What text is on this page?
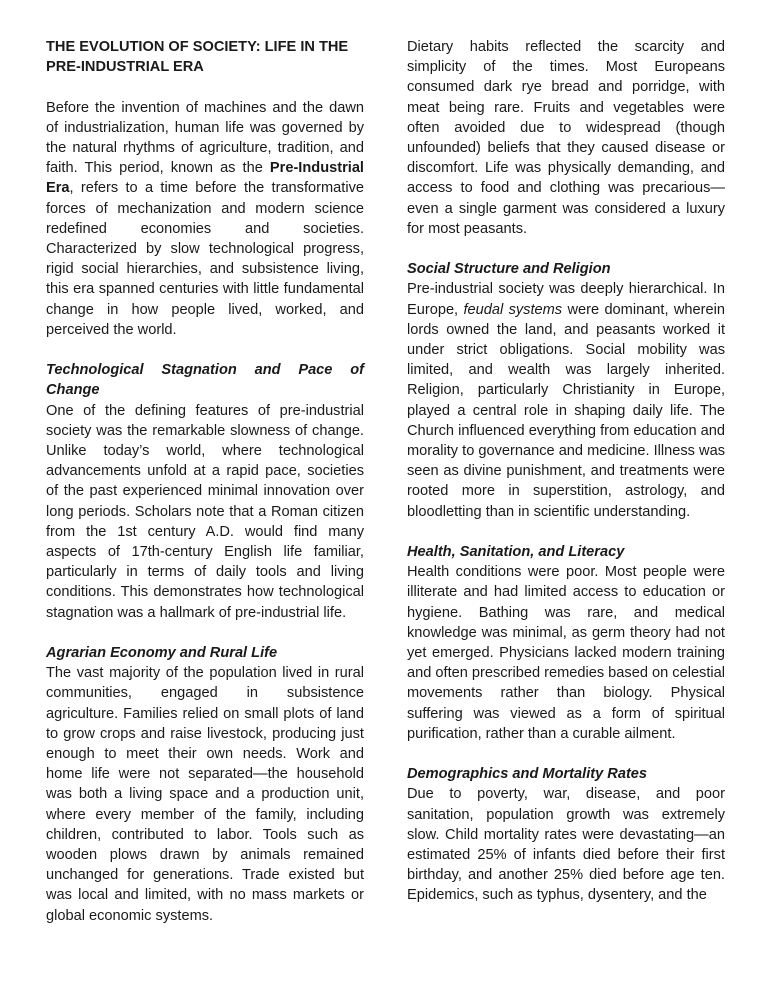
THE EVOLUTION OF SOCIETY: LIFE IN THE PRE-INDUSTRIAL ERA

Before the invention of machines and the dawn of industrialization, human life was governed by the natural rhythms of agriculture, tradition, and faith. This period, known as the Pre-Industrial Era, refers to a time before the transformative forces of mechanization and modern science redefined economies and societies. Characterized by slow technological progress, rigid social hierarchies, and subsistence living, this era spanned centuries with little fundamental change in how people lived, worked, and perceived the world.

Technological Stagnation and Pace of Change

One of the defining features of pre-industrial society was the remarkable slowness of change. Unlike today’s world, where technological advancements unfold at a rapid pace, societies of the past experienced minimal innovation over long periods. Scholars note that a Roman citizen from the 1st century A.D. would find many aspects of 17th-century English life familiar, particularly in terms of daily tools and living conditions. This demonstrates how technological stagnation was a hallmark of pre-industrial life.

Agrarian Economy and Rural Life

The vast majority of the population lived in rural communities, engaged in subsistence agriculture. Families relied on small plots of land to grow crops and raise livestock, producing just enough to meet their own needs. Work and home life were not separated—the household was both a living space and a production unit, where every member of the family, including children, contributed to labor. Tools such as wooden plows drawn by animals remained unchanged for generations. Trade existed but was local and limited, with no mass markets or global economic systems.

Dietary habits reflected the scarcity and simplicity of the times. Most Europeans consumed dark rye bread and porridge, with meat being rare. Fruits and vegetables were often avoided due to widespread (though unfounded) beliefs that they caused disease or discomfort. Life was physically demanding, and access to food and clothing was precarious—even a single garment was considered a luxury for most peasants.

Social Structure and Religion

Pre-industrial society was deeply hierarchical. In Europe, feudal systems were dominant, wherein lords owned the land, and peasants worked it under strict obligations. Social mobility was limited, and wealth was largely inherited. Religion, particularly Christianity in Europe, played a central role in shaping daily life. The Church influenced everything from education and morality to governance and medicine. Illness was seen as divine punishment, and treatments were rooted more in superstition, astrology, and bloodletting than in scientific understanding.

Health, Sanitation, and Literacy

Health conditions were poor. Most people were illiterate and had limited access to education or hygiene. Bathing was rare, and medical knowledge was minimal, as germ theory had not yet emerged. Physicians lacked modern training and often prescribed remedies based on celestial movements rather than biology. Physical suffering was viewed as a form of spiritual purification, rather than a curable ailment.

Demographics and Mortality Rates

Due to poverty, war, disease, and poor sanitation, population growth was extremely slow. Child mortality rates were devastating—an estimated 25% of infants died before their first birthday, and another 25% died before age ten. Epidemics, such as typhus, dysentery, and the
